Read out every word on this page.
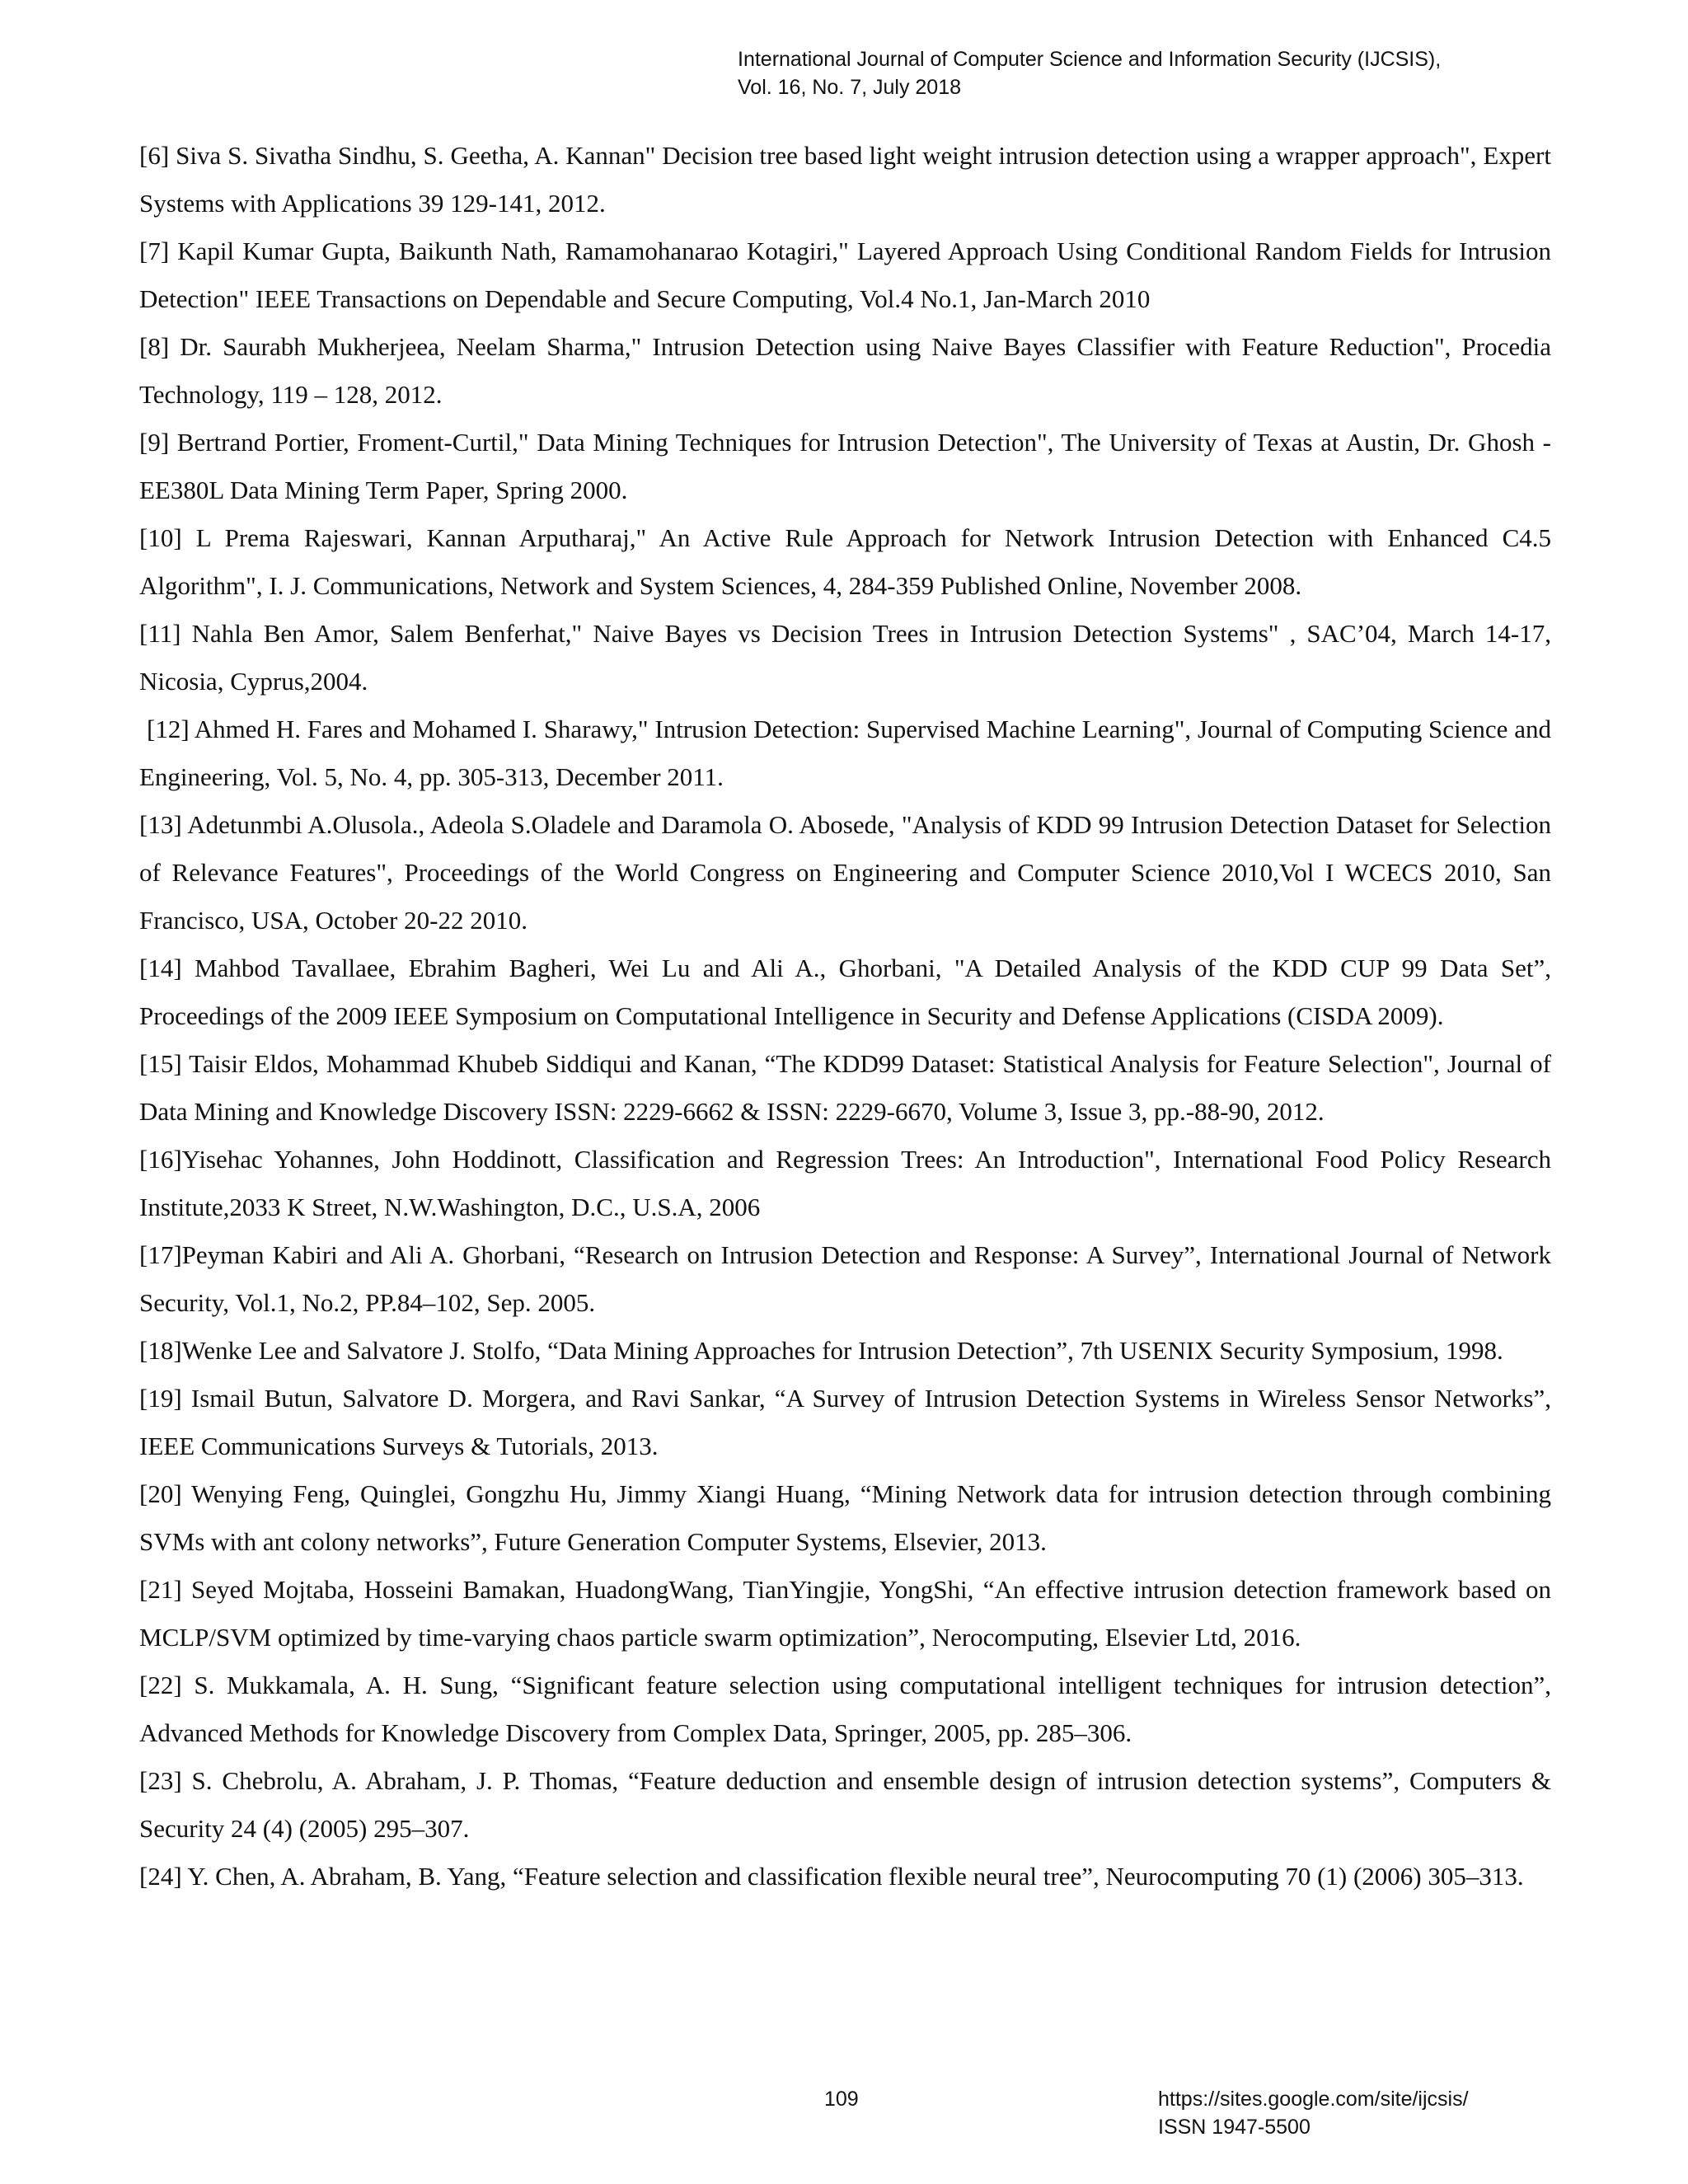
International Journal of Computer Science and Information Security (IJCSIS),
Vol. 16, No. 7, July 2018

[6] Siva S. Sivatha Sindhu, S. Geetha, A. Kannan" Decision tree based light weight intrusion detection using a wrapper approach", Expert Systems with Applications 39 129-141, 2012.

[7] Kapil Kumar Gupta, Baikunth Nath, Ramamohanarao Kotagiri," Layered Approach Using Conditional Random Fields for Intrusion Detection" IEEE Transactions on Dependable and Secure Computing, Vol.4 No.1, Jan-March 2010

[8] Dr. Saurabh Mukherjeea, Neelam Sharma," Intrusion Detection using Naive Bayes Classifier with Feature Reduction", Procedia Technology, 119 – 128, 2012.

[9] Bertrand Portier, Froment-Curtil," Data Mining Techniques for Intrusion Detection", The University of Texas at Austin, Dr. Ghosh - EE380L Data Mining Term Paper, Spring 2000.

[10] L Prema Rajeswari, Kannan Arputharaj," An Active Rule Approach for Network Intrusion Detection with Enhanced C4.5 Algorithm", I. J. Communications, Network and System Sciences, 4, 284-359 Published Online, November 2008.

[11] Nahla Ben Amor, Salem Benferhat," Naive Bayes vs Decision Trees in Intrusion Detection Systems" , SAC’04, March 14-17, Nicosia, Cyprus,2004.

[12] Ahmed H. Fares and Mohamed I. Sharawy," Intrusion Detection: Supervised Machine Learning", Journal of Computing Science and Engineering, Vol. 5, No. 4, pp. 305-313, December 2011.

[13] Adetunmbi A.Olusola., Adeola S.Oladele and Daramola O. Abosede, "Analysis of KDD 99 Intrusion Detection Dataset for Selection of Relevance Features", Proceedings of the World Congress on Engineering and Computer Science 2010,Vol I WCECS 2010, San Francisco, USA, October 20-22 2010.

[14] Mahbod Tavallaee, Ebrahim Bagheri, Wei Lu and Ali A., Ghorbani, "A Detailed Analysis of the KDD CUP 99 Data Set”, Proceedings of the 2009 IEEE Symposium on Computational Intelligence in Security and Defense Applications (CISDA 2009).

[15] Taisir Eldos, Mohammad Khubeb Siddiqui and Kanan, “The KDD99 Dataset: Statistical Analysis for Feature Selection", Journal of Data Mining and Knowledge Discovery ISSN: 2229-6662 & ISSN: 2229-6670, Volume 3, Issue 3, pp.-88-90, 2012.

[16]Yisehac Yohannes, John Hoddinott, Classification and Regression Trees: An Introduction", International Food Policy Research Institute,2033 K Street, N.W.Washington, D.C., U.S.A, 2006

[17]Peyman Kabiri and Ali A. Ghorbani, “Research on Intrusion Detection and Response: A Survey”, International Journal of Network Security, Vol.1, No.2, PP.84–102, Sep. 2005.

[18]Wenke Lee and Salvatore J. Stolfo, “Data Mining Approaches for Intrusion Detection”, 7th USENIX Security Symposium, 1998.

[19] Ismail Butun, Salvatore D. Morgera, and Ravi Sankar, “A Survey of Intrusion Detection Systems in Wireless Sensor Networks”, IEEE Communications Surveys & Tutorials, 2013.

[20] Wenying Feng, Quinglei, Gongzhu Hu, Jimmy Xiangi Huang, “Mining Network data for intrusion detection through combining SVMs with ant colony networks”, Future Generation Computer Systems, Elsevier, 2013.

[21] Seyed Mojtaba, Hosseini Bamakan, HuadongWang, TianYingjie, YongShi, “An effective intrusion detection framework based on MCLP/SVM optimized by time-varying chaos particle swarm optimization”, Nerocomputing, Elsevier Ltd, 2016.

[22] S. Mukkamala, A. H. Sung, “Significant feature selection using computational intelligent techniques for intrusion detection”, Advanced Methods for Knowledge Discovery from Complex Data, Springer, 2005, pp. 285–306.

[23] S. Chebrolu, A. Abraham, J. P. Thomas, “Feature deduction and ensemble design of intrusion detection systems”, Computers & Security 24 (4) (2005) 295–307.

[24] Y. Chen, A. Abraham, B. Yang, “Feature selection and classification flexible neural tree”, Neurocomputing 70 (1) (2006) 305–313.

109	https://sites.google.com/site/ijcsis/
ISSN 1947-5500
